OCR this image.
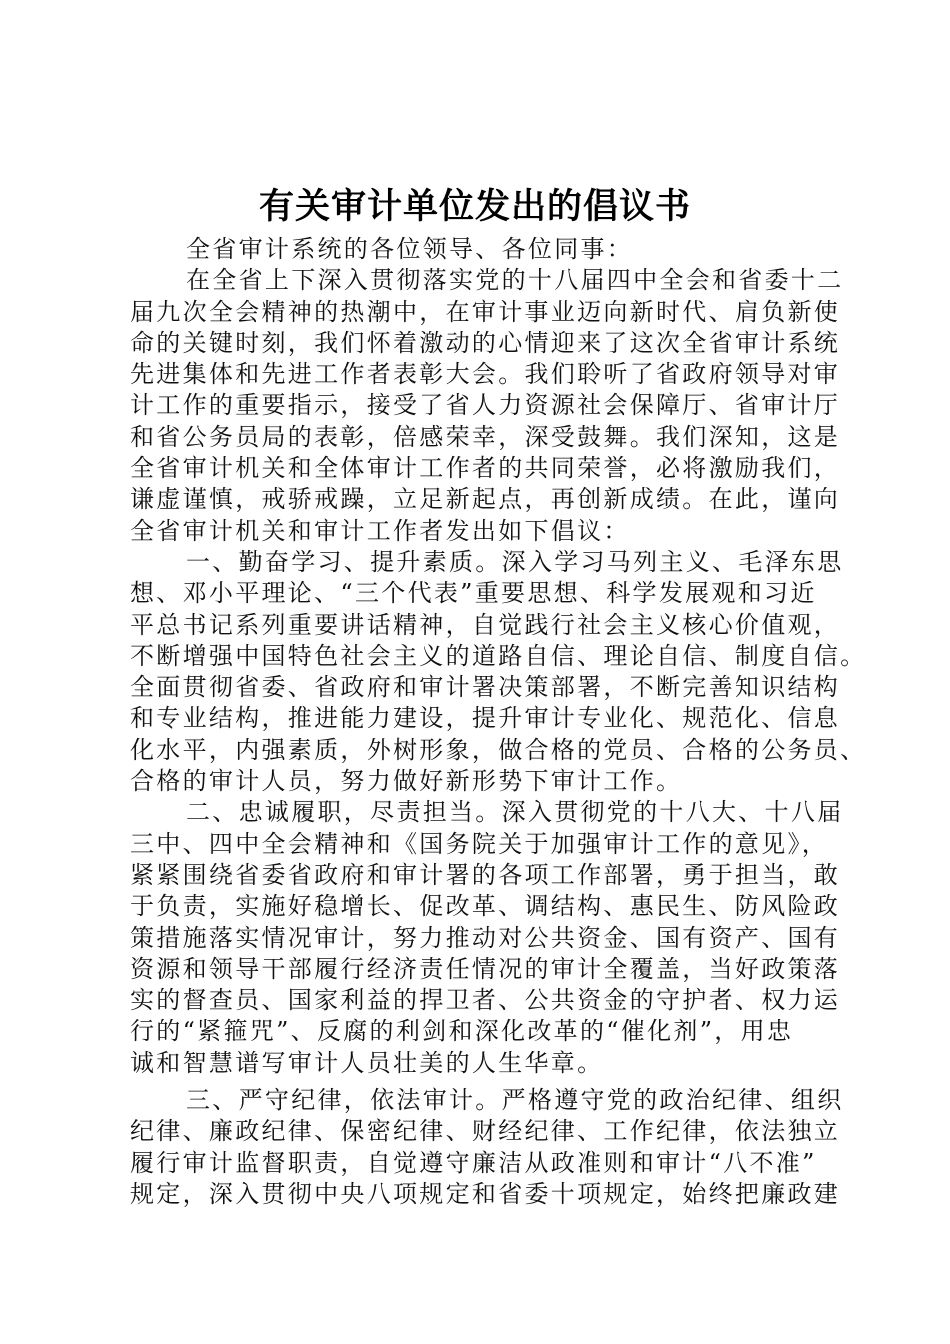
有关审计单位发出的倡议书
全省审计系统的各位领导、各位同事：
在全省上下深入贯彻落实党的十八届四中全会和省委十二
届九次全会精神的热潮中，在审计事业迈向新时代、肩负新使
命的关键时刻，我们怀着激动的心情迎来了这次全省审计系统
先进集体和先进工作者表彰大会。我们聆听了省政府领导对审
计工作的重要指示，接受了省人力资源社会保障厅、省审计厅
和省公务员局的表彰，倍感荣幸，深受鼓舞。我们深知，这是
全省审计机关和全体审计工作者的共同荣誉，必将激励我们，
谦虚谨慎，戒骄戒躁，立足新起点，再创新成绩。在此，谨向
全省审计机关和审计工作者发出如下倡议：
一、勤奋学习、提升素质。深入学习马列主义、毛泽东思
想、邓小平理论、“三个代表”重要思想、科学发展观和习近
平总书记系列重要讲话精神，自觉践行社会主义核心价值观，
不断增强中国特色社会主义的道路自信、理论自信、制度自信。
全面贯彻省委、省政府和审计署决策部署，不断完善知识结构
和专业结构，推进能力建设，提升审计专业化、规范化、信息
化水平，内强素质，外树形象，做合格的党员、合格的公务员、
合格的审计人员，努力做好新形势下审计工作。
二、忠诚履职，尽责担当。深入贯彻党的十八大、十八届
三中、四中全会精神和《国务院关于加强审计工作的意见》，
紧紧围绕省委省政府和审计署的各项工作部署，勇于担当，敢
于负责，实施好稳增长、促改革、调结构、惠民生、防风险政
策措施落实情况审计，努力推动对公共资金、国有资产、国有
资源和领导干部履行经济责任情况的审计全覆盖，当好政策落
实的督查员、国家利益的捍卫者、公共资金的守护者、权力运
行的“紧箍咒”、反腐的利剑和深化改革的“催化剂”，用忠
诚和智慧谱写审计人员壮美的人生华章。
三、严守纪律，依法审计。严格遵守党的政治纪律、组织
纪律、廉政纪律、保密纪律、财经纪律、工作纪律，依法独立
履行审计监督职责，自觉遵守廉洁从政准则和审计“八不准”
规定，深入贯彻中央八项规定和省委十项规定，始终把廉政建
